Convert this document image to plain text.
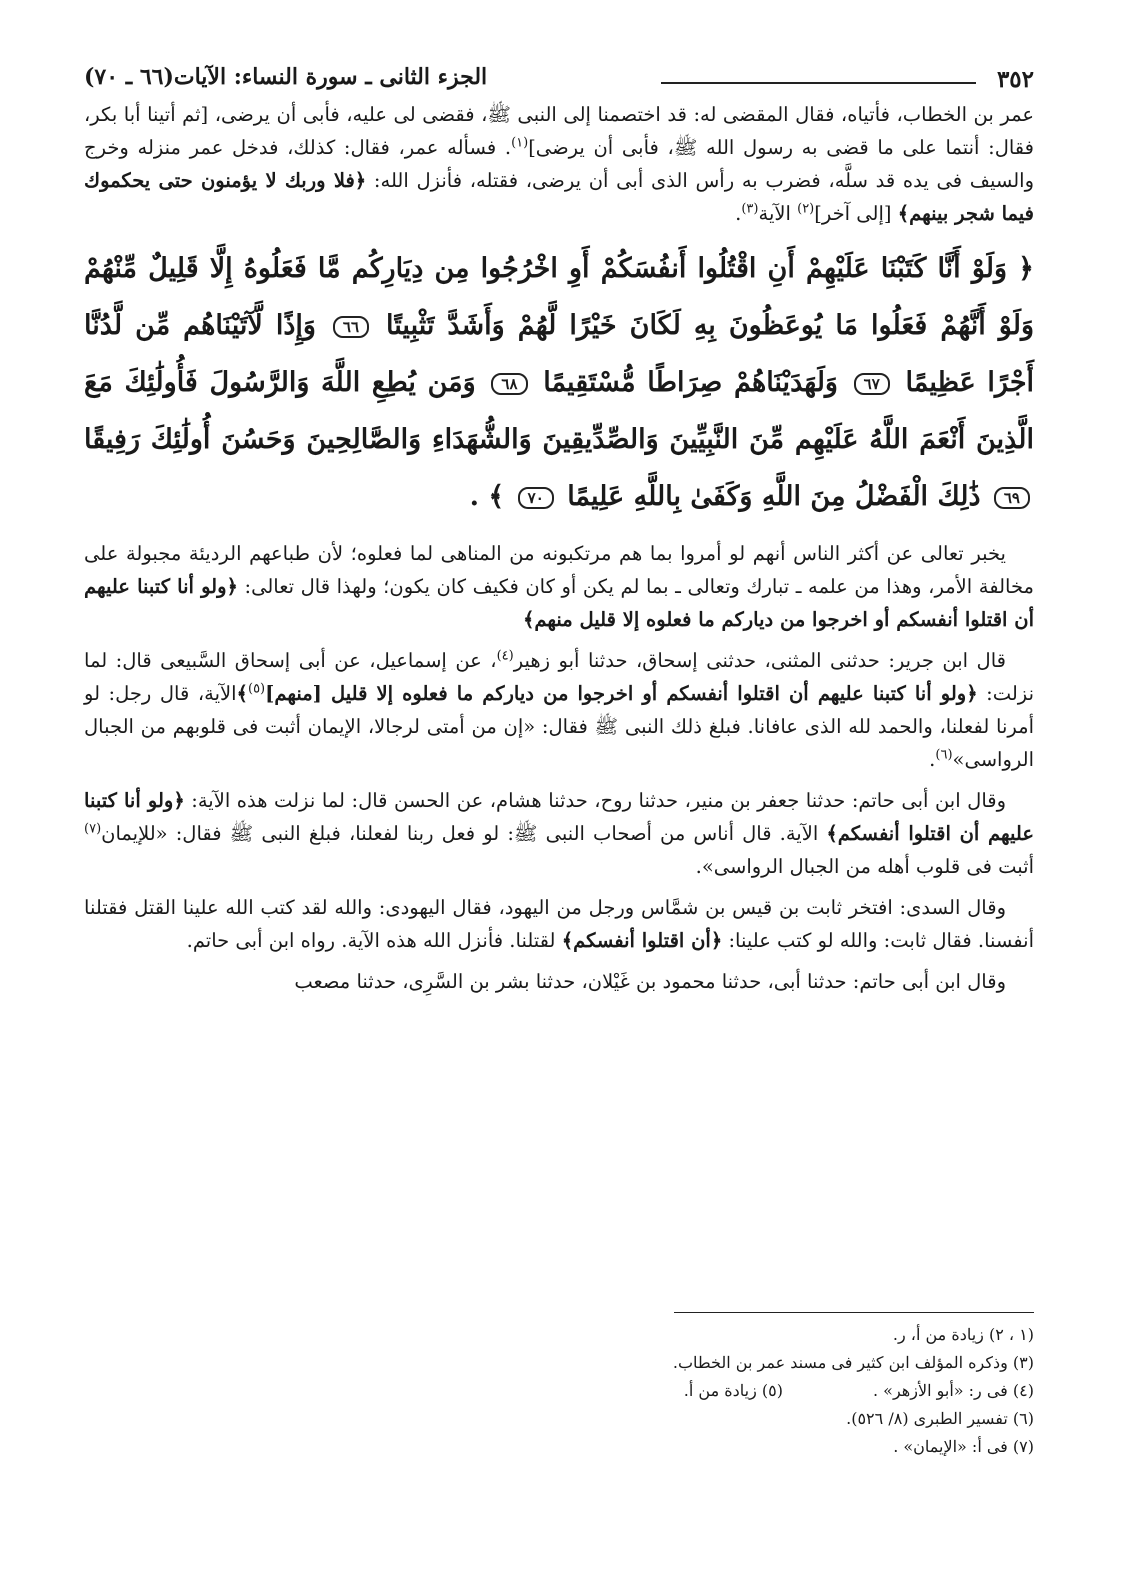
٣٥٢
الجزء الثانى ـ سورة النساء: الآيات(٦٦ ـ ٧٠)

عمر بن الخطاب، فأتياه، فقال المقضى له: قد اختصمنا إلى النبى ﷺ، فقضى لى عليه، فأبى أن يرضى، [ثم أتينا أبا بكر، فقال: أنتما على ما قضى به رسول الله ﷺ، فأبى أن يرضى]$^{(١)}$. فسأله عمر، فقال: كذلك، فدخل عمر منزله وخرج والسيف فى يده قد سلَّه، فضرب به رأس الذى أبى أن يرضى، فقتله، فأنزل الله: ﴿فلا وربك لا يؤمنون حتى يحكموك فيما شجر بينهم﴾ [إلى آخر]$^{(٢)}$ الآية$^{(٣)}$.

﴿ وَلَوْ أَنَّا كَتَبْنَا عَلَيْهِمْ أَنِ اقْتُلُوا أَنفُسَكُمْ أَوِ اخْرُجُوا مِن دِيَارِكُم مَّا فَعَلُوهُ إِلَّا قَلِيلٌ مِّنْهُمْ وَلَوْ أَنَّهُمْ فَعَلُوا مَا يُوعَظُونَ بِهِ لَكَانَ خَيْرًا لَّهُمْ وَأَشَدَّ تَثْبِيتًا ٦٦ وَإِذًا لَّآتَيْنَاهُم مِّن لَّدُنَّا أَجْرًا عَظِيمًا ٦٧ وَلَهَدَيْنَاهُمْ صِرَاطًا مُّسْتَقِيمًا ٦٨ وَمَن يُطِعِ اللَّهَ وَالرَّسُولَ فَأُولَٰئِكَ مَعَ الَّذِينَ أَنْعَمَ اللَّهُ عَلَيْهِم مِّنَ النَّبِيِّينَ وَالصِّدِّيقِينَ وَالشُّهَدَاءِ وَالصَّالِحِينَ وَحَسُنَ أُولَٰئِكَ رَفِيقًا ٦٩ ذَٰلِكَ الْفَضْلُ مِنَ اللَّهِ وَكَفَىٰ بِاللَّهِ عَلِيمًا ٧٠ ﴾ .

يخبر تعالى عن أكثر الناس أنهم لو أمروا بما هم مرتكبونه من المناهى لما فعلوه؛ لأن طباعهم الرديئة مجبولة على مخالفة الأمر، وهذا من علمه ـ تبارك وتعالى ـ بما لم يكن أو كان فكيف كان يكون؛ ولهذا قال تعالى: ﴿ولو أنا كتبنا عليهم أن اقتلوا أنفسكم أو اخرجوا من دياركم ما فعلوه إلا قليل منهم﴾

قال ابن جرير: حدثنى المثنى، حدثنى إسحاق، حدثنا أبو زهير$^{(٤)}$، عن إسماعيل، عن أبى إسحاق السَّبيعى قال: لما نزلت: ﴿ولو أنا كتبنا عليهم أن اقتلوا أنفسكم أو اخرجوا من دياركم ما فعلوه إلا قليل [منهم]$^{(٥)}$﴾الآية، قال رجل: لو أمرنا لفعلنا، والحمد لله الذى عافانا. فبلغ ذلك النبى ﷺ فقال: «إن من أمتى لرجالا، الإيمان أثبت فى قلوبهم من الجبال الرواسى»$^{(٦)}$.

وقال ابن أبى حاتم: حدثنا جعفر بن منير، حدثنا روح، حدثنا هشام، عن الحسن قال: لما نزلت هذه الآية: ﴿ولو أنا كتبنا عليهم أن اقتلوا أنفسكم﴾ الآية. قال أناس من أصحاب النبى ﷺ: لو فعل ربنا لفعلنا، فبلغ النبى ﷺ فقال: «للإيمان$^{(٧)}$ أثبت فى قلوب أهله من الجبال الرواسى».

وقال السدى: افتخر ثابت بن قيس بن شمَّاس ورجل من اليهود، فقال اليهودى: والله لقد كتب الله علينا القتل فقتلنا أنفسنا. فقال ثابت: والله لو كتب علينا: ﴿أن اقتلوا أنفسكم﴾ لقتلنا. فأنزل الله هذه الآية. رواه ابن أبى حاتم.

وقال ابن أبى حاتم: حدثنا أبى، حدثنا محمود بن غَيْلان، حدثنا بشر بن السَّرِى، حدثنا مصعب

(١ ، ٢) زيادة من أ، ر.

(٣) وذكره المؤلف ابن كثير فى مسند عمر بن الخطاب.

(٤) فى ر: «أبو الأزهر» .
(٥) زيادة من أ.

(٦) تفسير الطبرى (٨/ ٥٢٦).

(٧) فى أ: «الإيمان» .
